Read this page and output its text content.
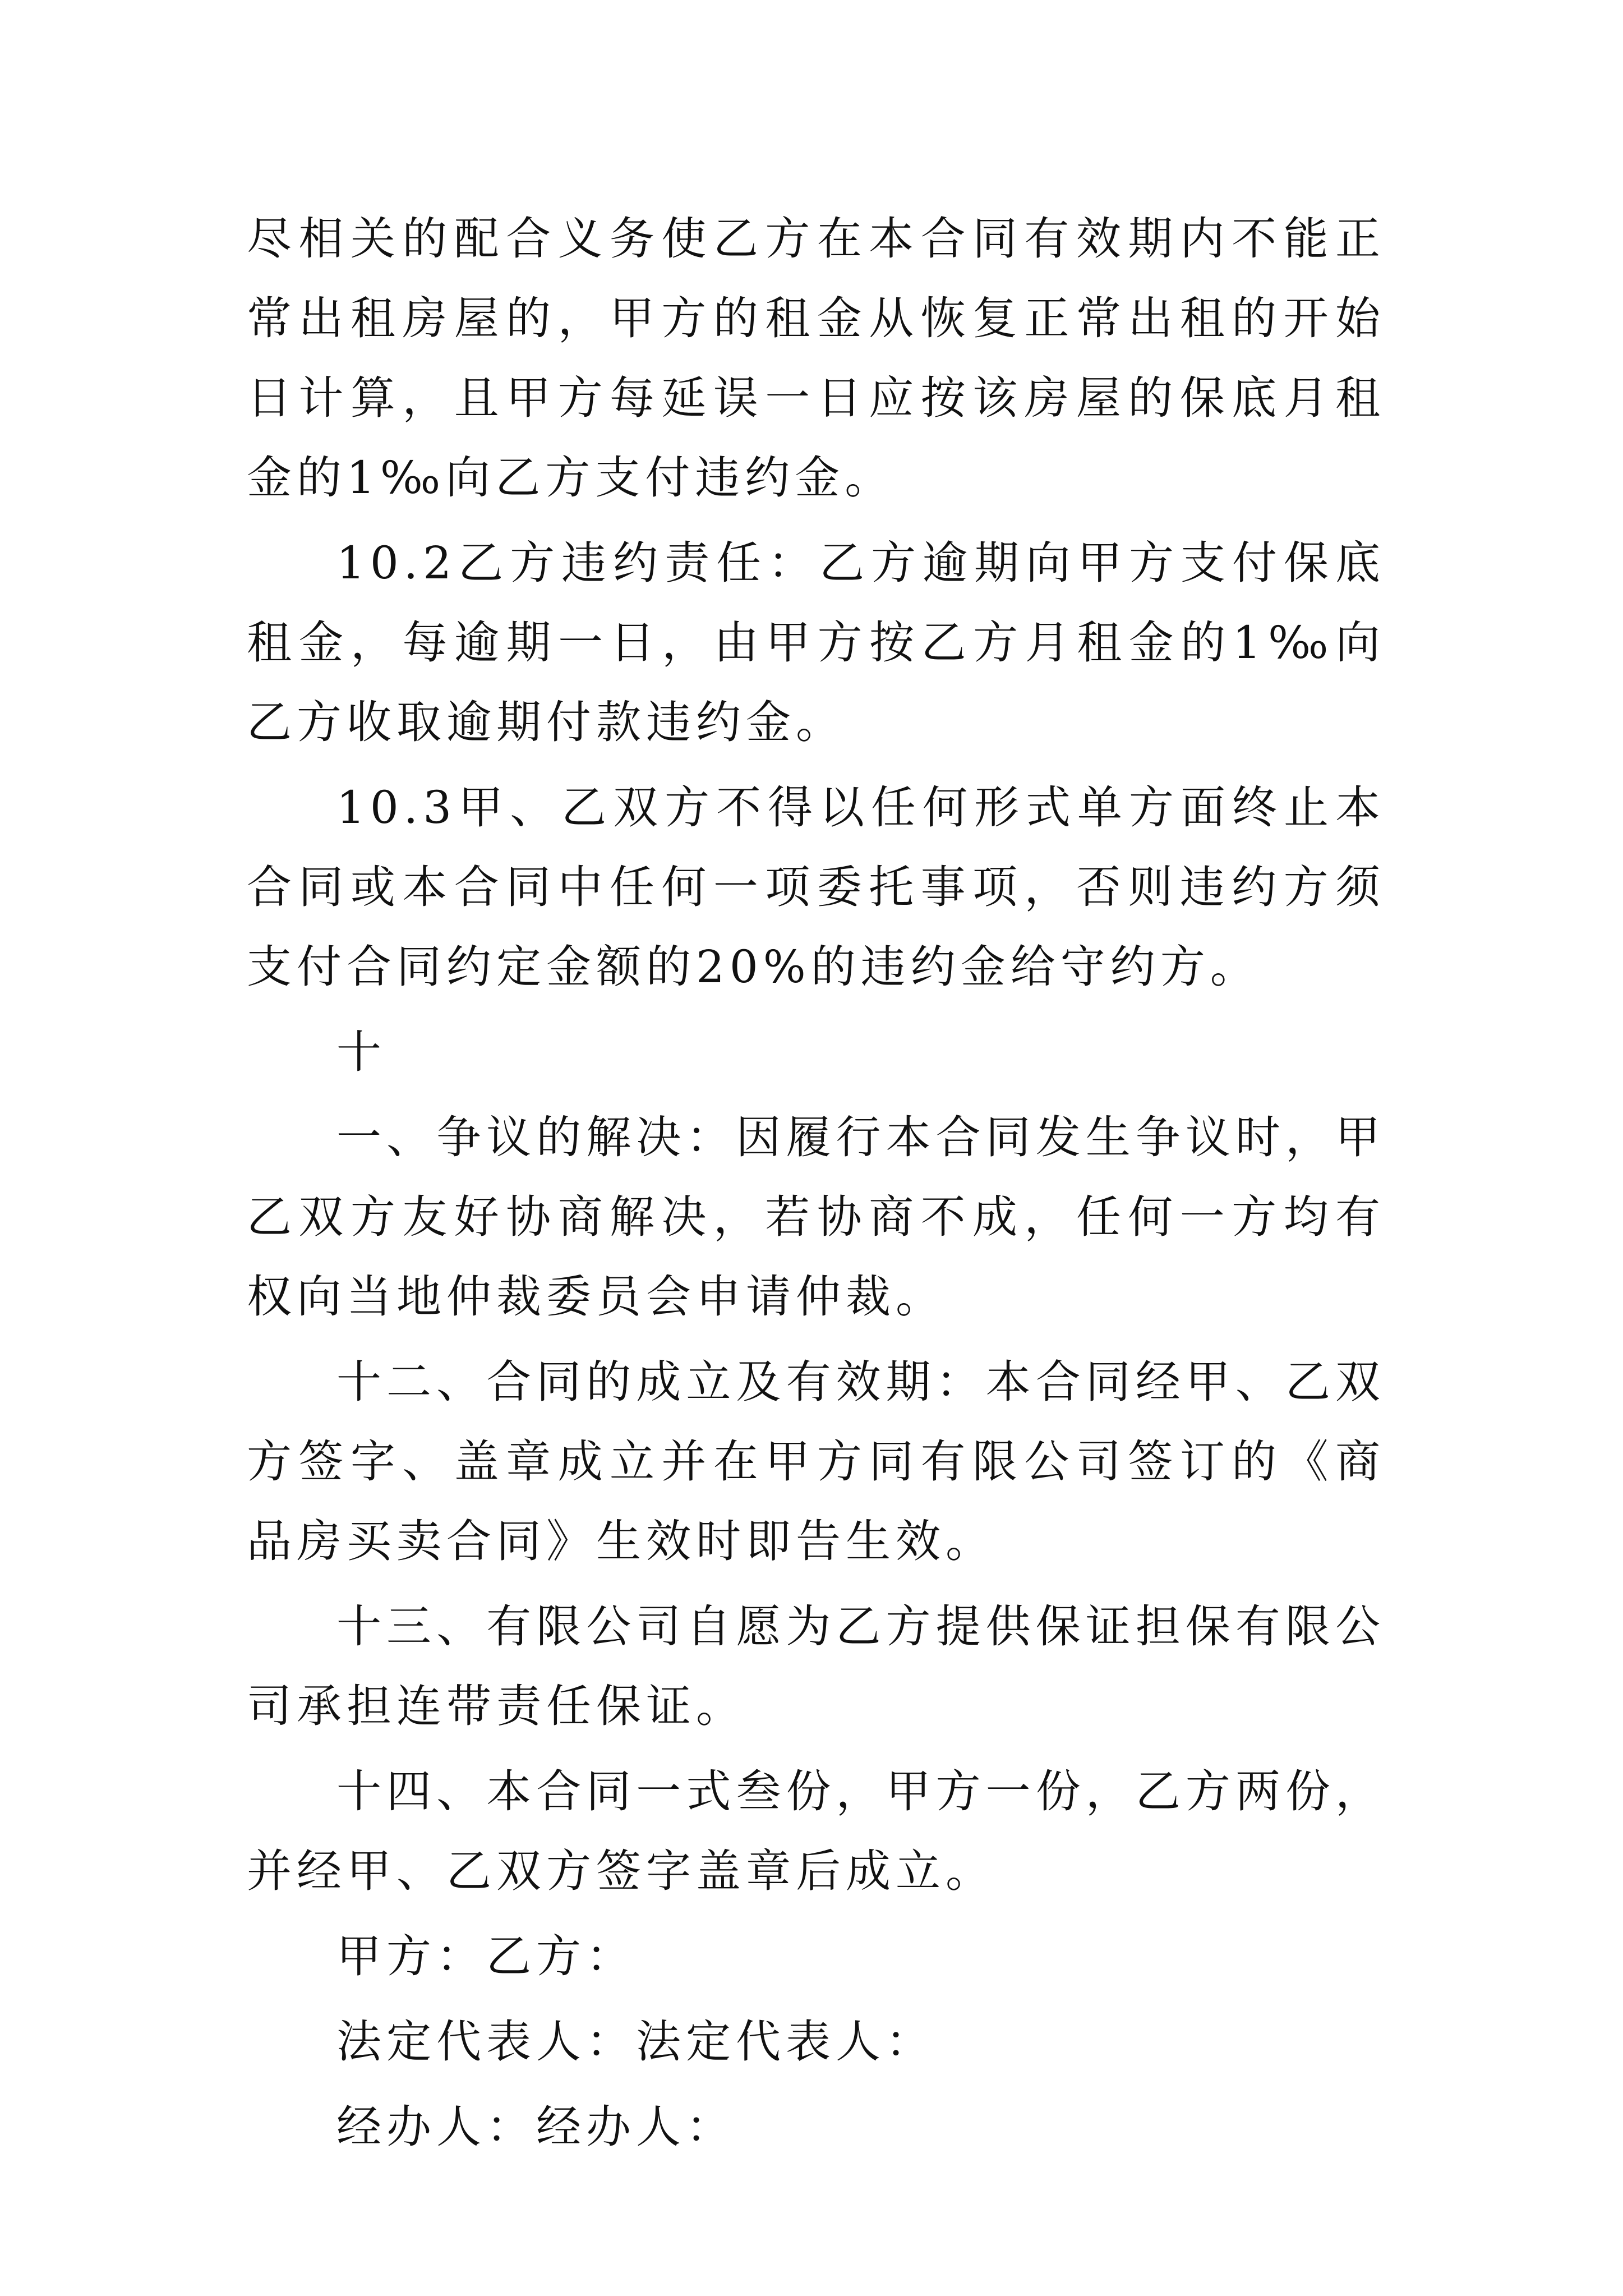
尽相关的配合义务使乙方在本合同有效期内不能正常出租房屋的，甲方的租金从恢复正常出租的开始日计算，且甲方每延误一日应按该房屋的保底月租金的1‰向乙方支付违约金。

10.2乙方违约责任：乙方逾期向甲方支付保底租金，每逾期一日，由甲方按乙方月租金的1‰向乙方收取逾期付款违约金。

10.3甲、乙双方不得以任何形式单方面终止本合同或本合同中任何一项委托事项，否则违约方须支付合同约定金额的20%的违约金给守约方。

十

一、争议的解决：因履行本合同发生争议时，甲乙双方友好协商解决，若协商不成，任何一方均有权向当地仲裁委员会申请仲裁。

十二、合同的成立及有效期：本合同经甲、乙双方签字、盖章成立并在甲方同有限公司签订的《商品房买卖合同》生效时即告生效。

十三、有限公司自愿为乙方提供保证担保有限公司承担连带责任保证。

十四、本合同一式叁份，甲方一份，乙方两份，并经甲、乙双方签字盖章后成立。

甲方：乙方：

法定代表人：法定代表人：

经办人：经办人：
